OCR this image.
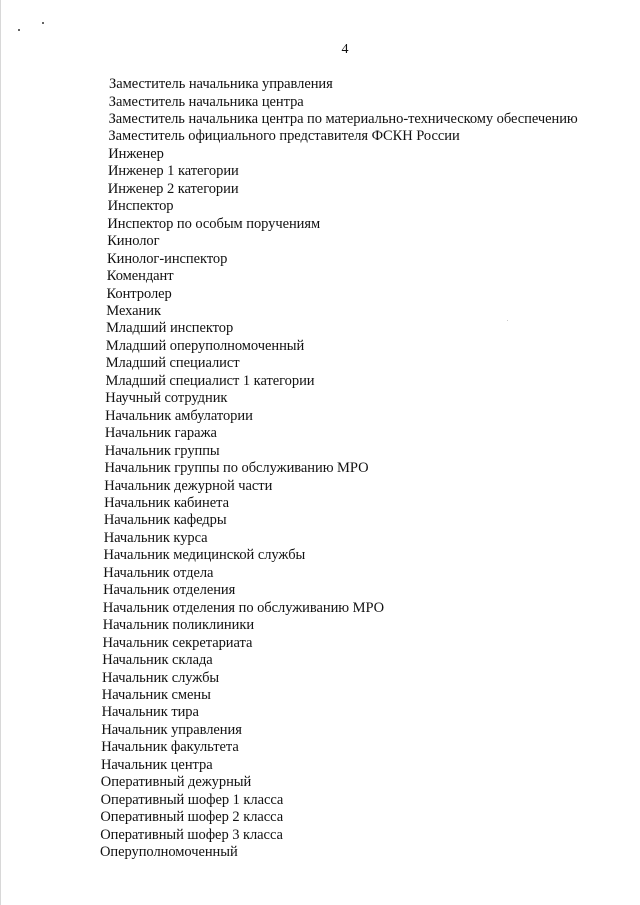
4
Заместитель начальника управления
Заместитель начальника центра
Заместитель начальника центра по материально-техническому обеспечению
Заместитель официального представителя ФСКН России
Инженер
Инженер 1 категории
Инженер 2 категории
Инспектор
Инспектор по особым поручениям
Кинолог
Кинолог-инспектор
Комендант
Контролер
Механик
Младший инспектор
Младший оперуполномоченный
Младший специалист
Младший специалист 1 категории
Научный сотрудник
Начальник амбулатории
Начальник гаража
Начальник группы
Начальник группы по обслуживанию МРО
Начальник дежурной части
Начальник кабинета
Начальник кафедры
Начальник курса
Начальник медицинской службы
Начальник отдела
Начальник отделения
Начальник отделения по обслуживанию МРО
Начальник поликлиники
Начальник секретариата
Начальник склада
Начальник службы
Начальник смены
Начальник тира
Начальник управления
Начальник факультета
Начальник центра
Оперативный дежурный
Оперативный шофер 1 класса
Оперативный шофер 2 класса
Оперативный шофер 3 класса
Оперуполномоченный
